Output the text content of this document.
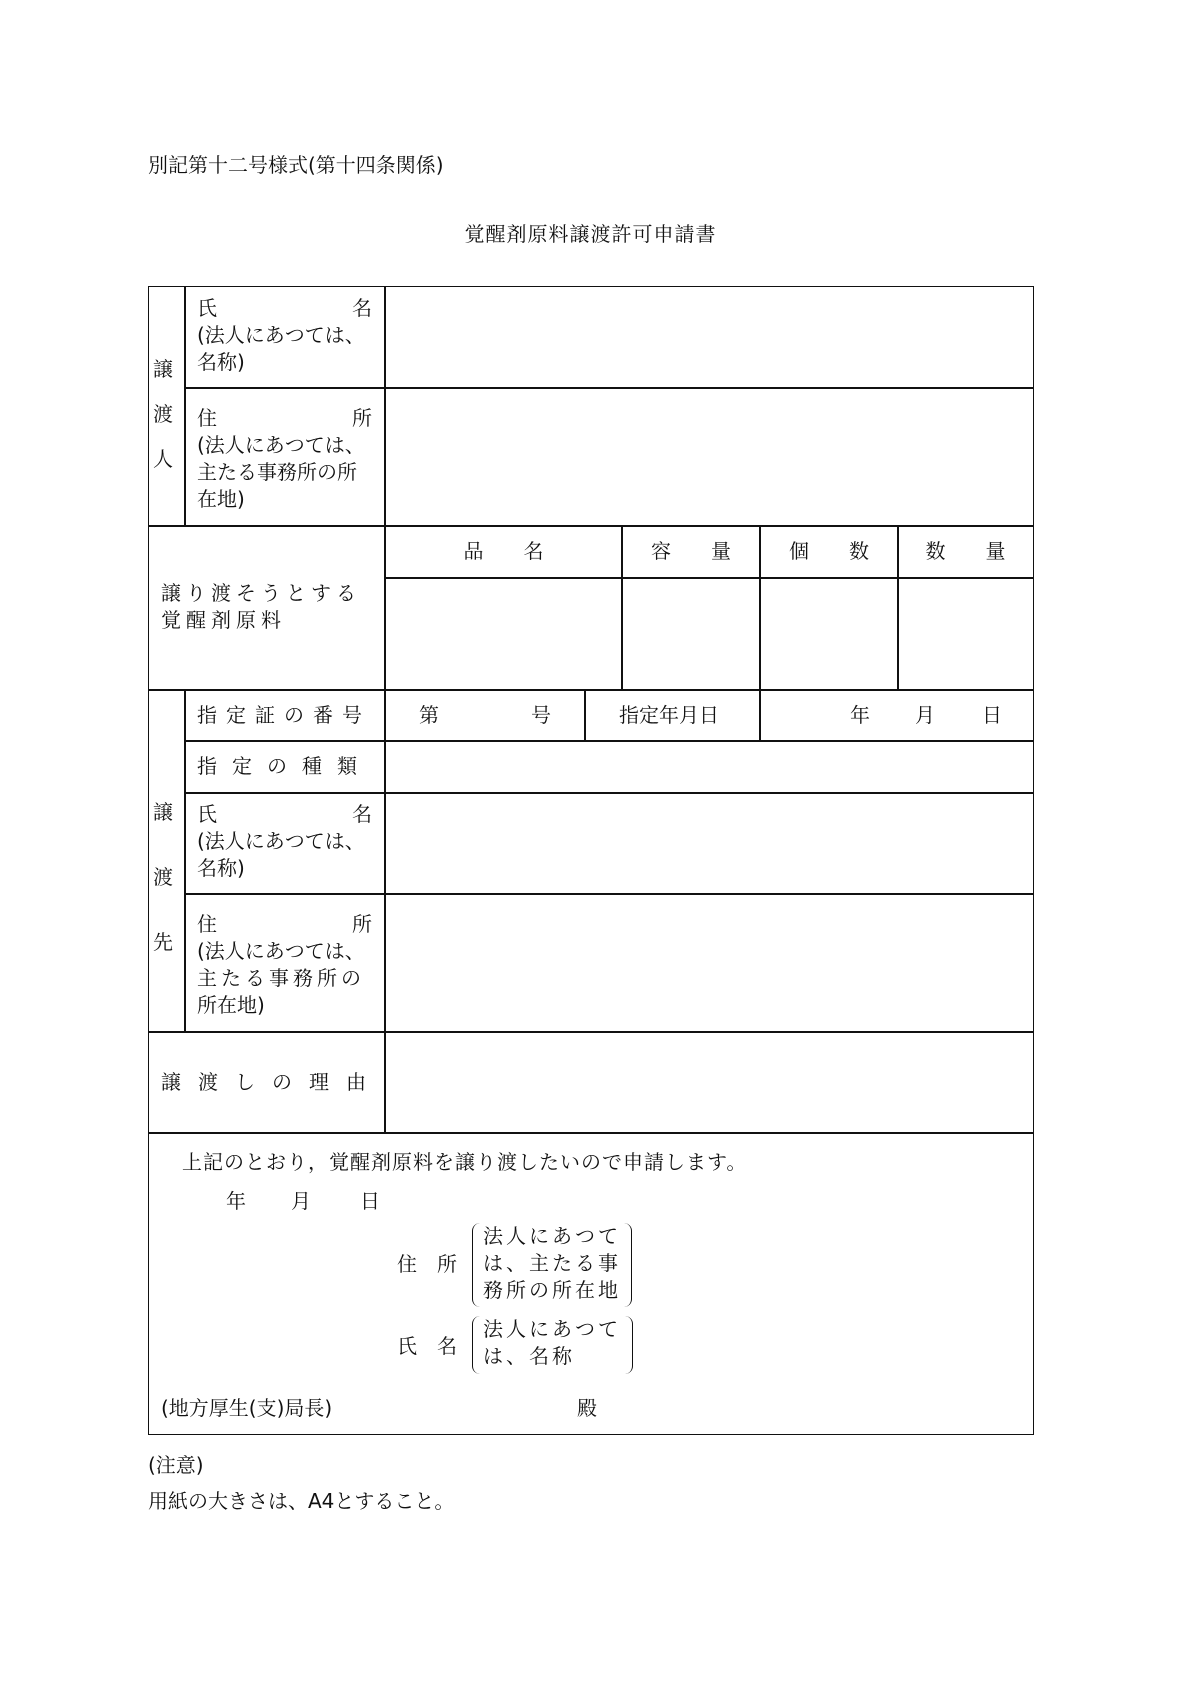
別記第十二号様式(第十四条関係)
覚醒剤原料譲渡許可申請書
譲
渡
人
氏	名
(法人にあつては、
名称)
住	所
(法人にあつては、
主たる事務所の所
在地)
譲り渡そうとする覚醒剤原料
品　　名	容　　量	個　　数	数　　量
譲
渡
先
指定証の番号 第	号	指定年月日	年 月 日
指定の種類
氏	名
(法人にあつては、
名称)
住	所
(法人にあつては、
主たる事務所の
所在地)
譲渡しの理由
上記のとおり，覚醒剤原料を譲り渡したいので申請します。
年 月 日
住　所
法人にあつて
は、主たる事
務所の所在地
氏　名
法人にあつて
は、名称
(地方厚生(支)局長)	殿
(注意)
用紙の大きさは、A4とすること。
